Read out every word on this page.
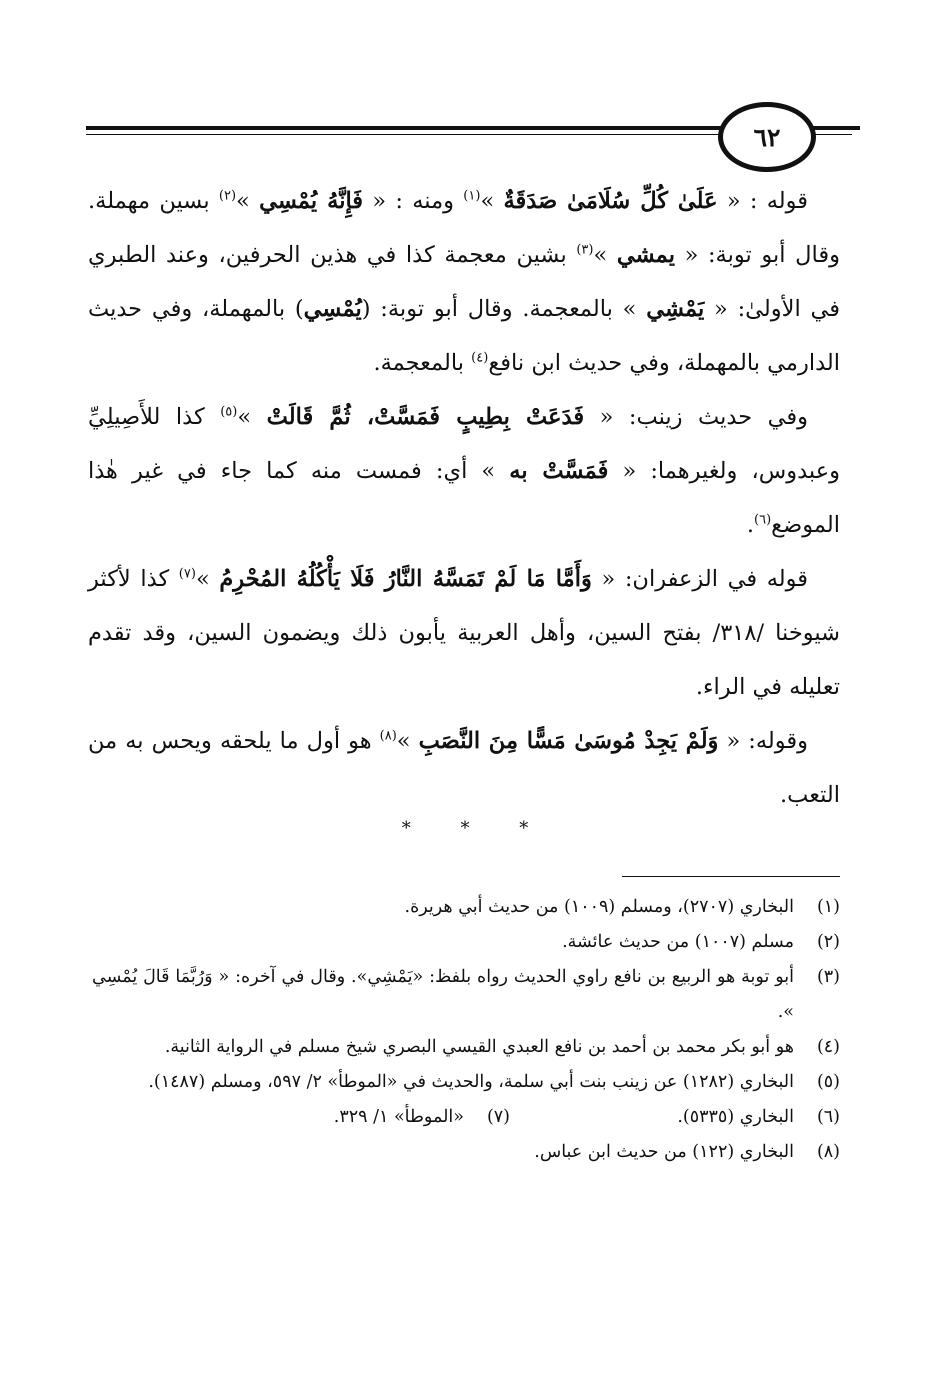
٦٢

قوله : « عَلَىٰ كُلِّ سُلَامَىٰ صَدَقَةٌ »$^{(١)}$ ومنه : « فَإِنَّهُ يُمْسِي »$^{(٢)}$ بسين مهملة. وقال أبو توبة: « يمشي »$^{(٣)}$ بشين معجمة كذا في هذين الحرفين، وعند الطبري في الأولىٰ: « يَمْشِي » بالمعجمة. وقال أبو توبة: (يُمْسِي) بالمهملة، وفي حديث الدارمي بالمهملة، وفي حديث ابن نافع$^{(٤)}$ بالمعجمة.

وفي حديث زينب: « فَدَعَتْ بِطِيبٍ فَمَسَّتْ، ثُمَّ قَالَتْ »$^{(٥)}$ كذا للأَصِيلِيِّ وعبدوس، ولغيرهما: « فَمَسَّتْ به » أي: فمست منه كما جاء في غير هٰذا الموضع$^{(٦)}$.

قوله في الزعفران: « وَأَمَّا مَا لَمْ تَمَسَّهُ النَّارُ فَلَا يَأْكُلُهُ المُحْرِمُ »$^{(٧)}$ كذا لأكثر شيوخنا /٣١٨/ بفتح السين، وأهل العربية يأبون ذلك ويضمون السين، وقد تقدم تعليله في الراء.

وقوله: « وَلَمْ يَجِدْ مُوسَىٰ مَسًّا مِنَ النَّصَبِ »$^{(٨)}$ هو أول ما يلحقه ويحس به من التعب.

* * *
(١)
البخاري (٢٧٠٧)، ومسلم (١٠٠٩) من حديث أبي هريرة.
(٢)
مسلم (١٠٠٧) من حديث عائشة.
(٣)
أبو توبة هو الربيع بن نافع راوي الحديث رواه بلفظ: «يَمْشِي». وقال في آخره: « وَرُبَّمَا قَالَ يُمْسِي ».
(٤)
هو أبو بكر محمد بن أحمد بن نافع العبدي القيسي البصري شيخ مسلم في الرواية الثانية.
(٥)
البخاري (١٢٨٢) عن زينب بنت أبي سلمة، والحديث في «الموطأ» ٢/ ٥٩٧، ومسلم (١٤٨٧).
(٦)
البخاري (٥٣٣٥).
(٧)
«الموطأ» ١/ ٣٢٩.
(٨)
البخاري (١٢٢) من حديث ابن عباس.
